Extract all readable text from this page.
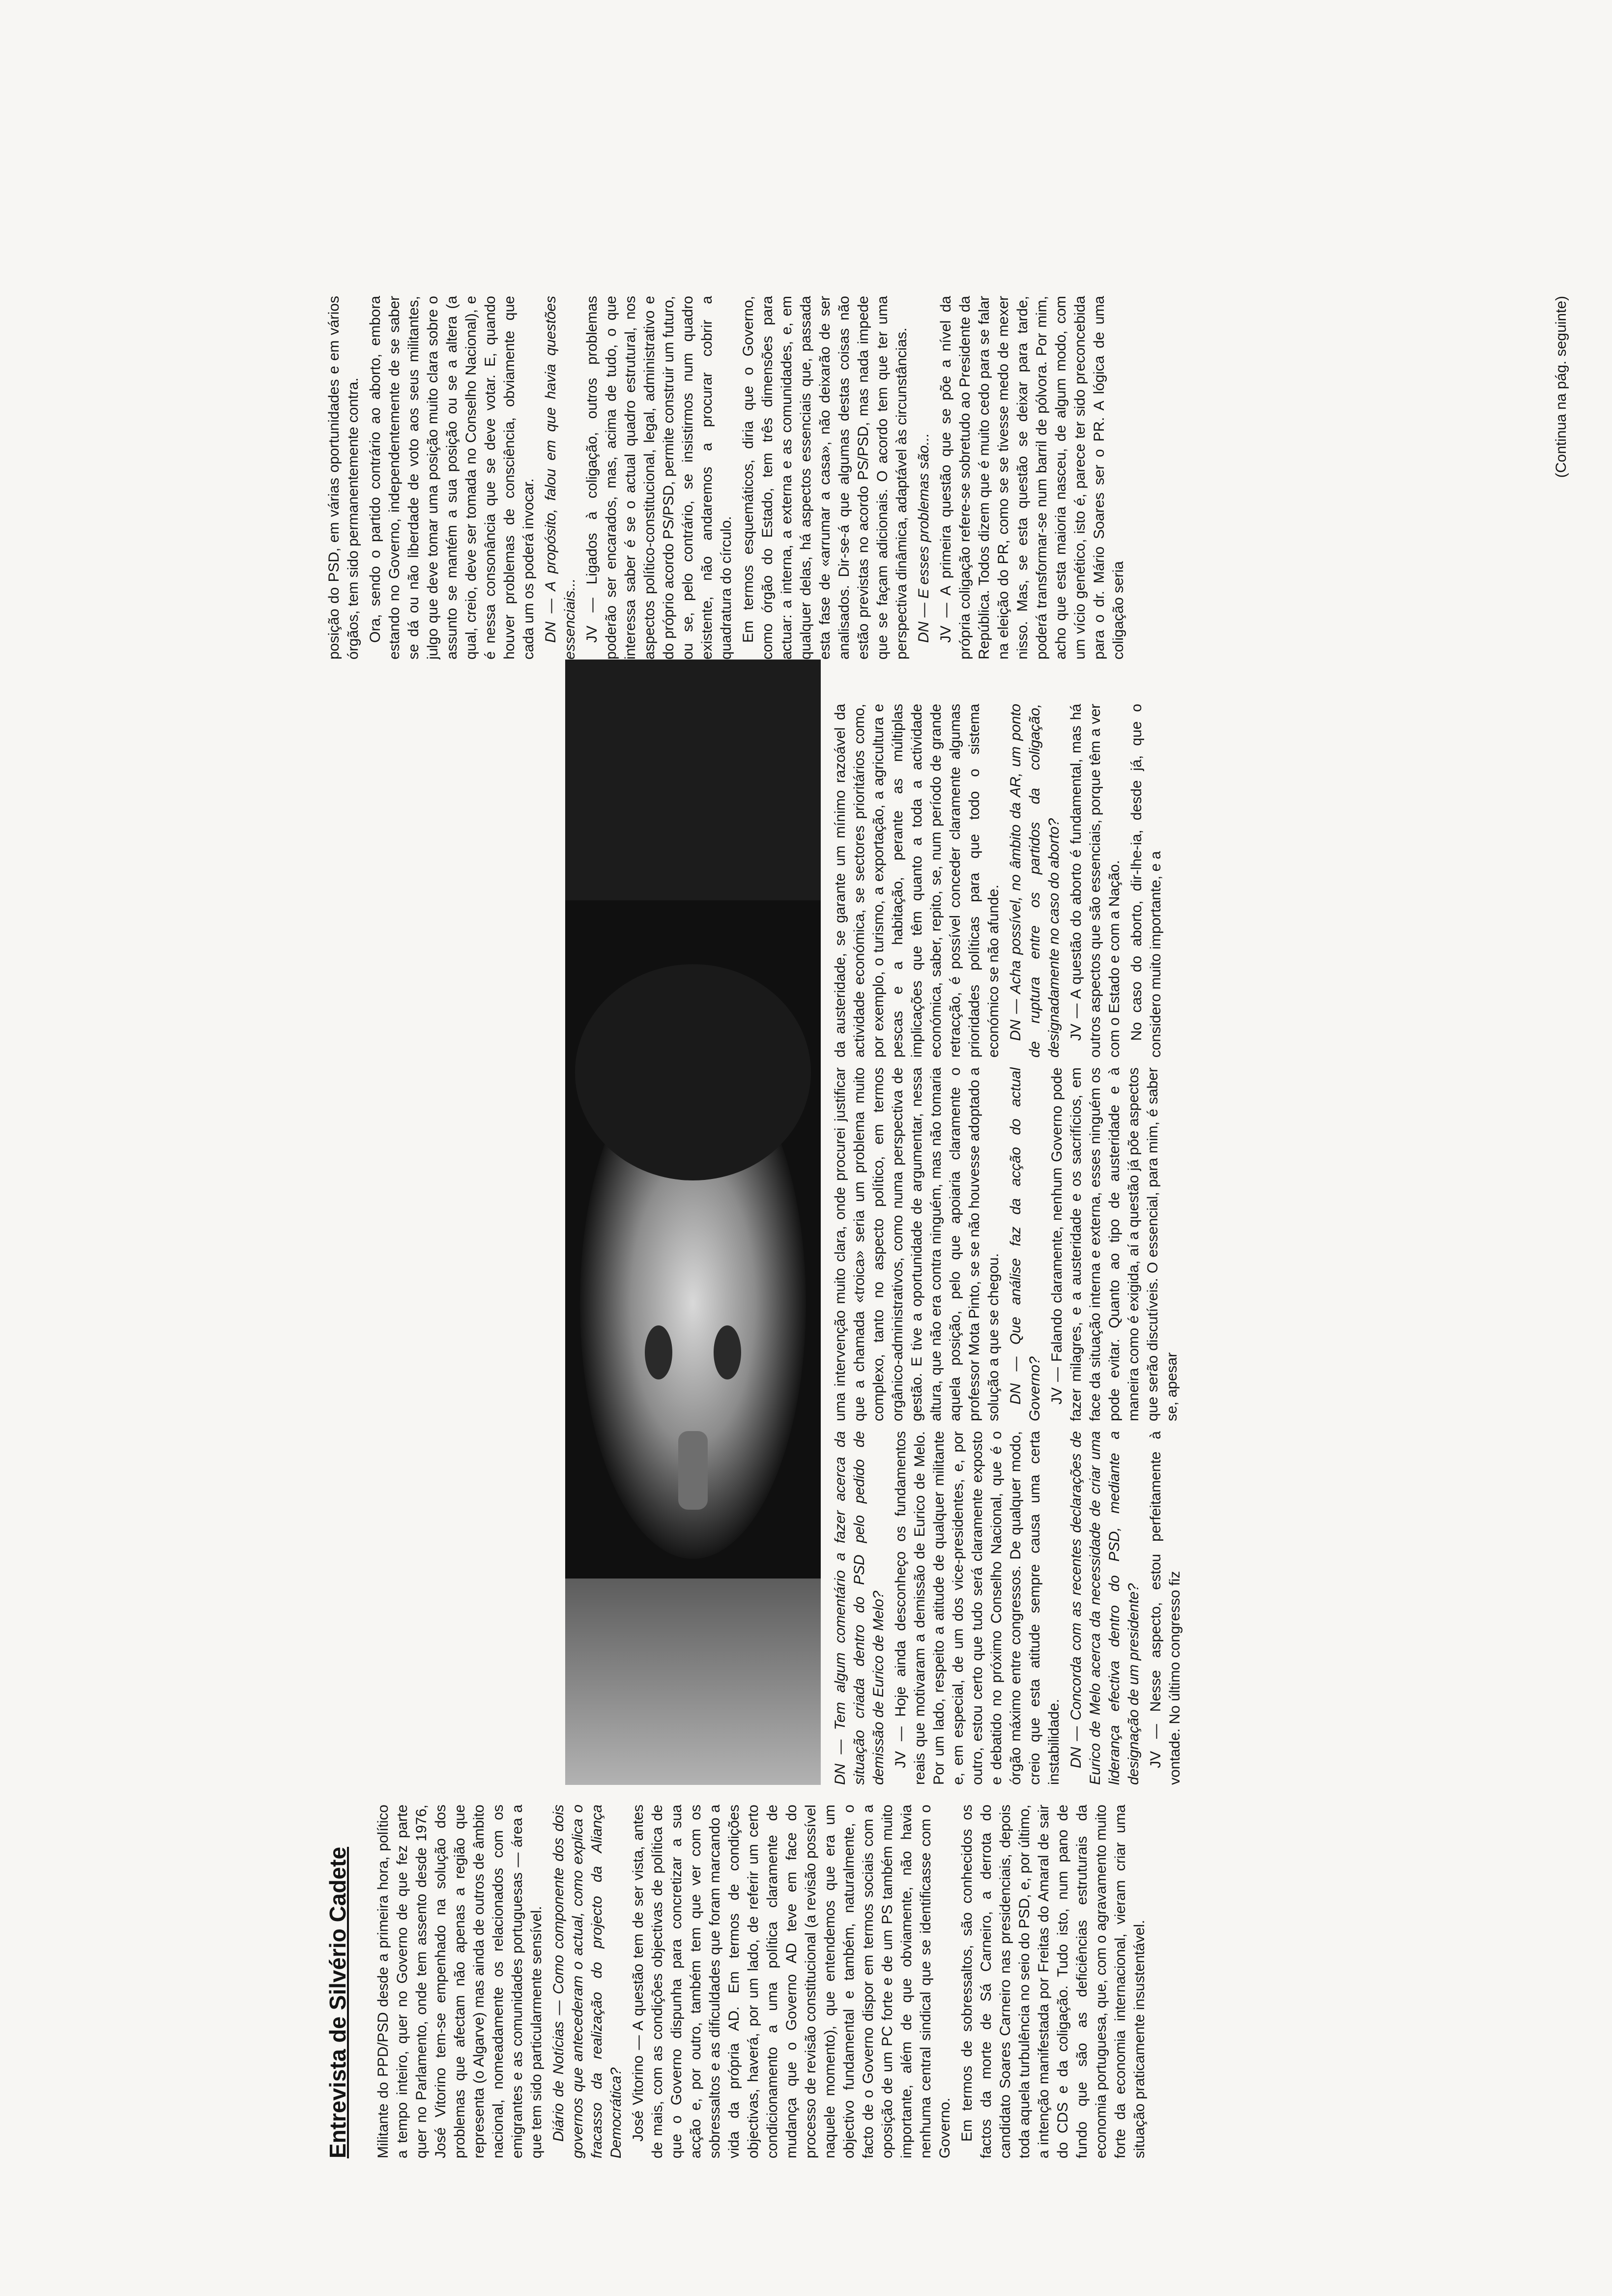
Entrevista de Silvério Cadete Militante do PPD/PSD desde a primeira hora, político a tempo inteiro, quer no Governo de que fez parte quer no Parlamento, onde tem assento desde 1976, José Vitorino tem-se empenhado na solução dos problemas que afectam não apenas a região que representa (o Algarve) mas ainda de outros de âmbito nacional, nomeadamente os relacionados com os emigrantes e as comunidades portuguesas — área a que tem sido particularmente sensível. Diário de Notícias — Como componente dos dois governos que antecederam o actual, como explica o fracasso da realização do projecto da Aliança Democrática? José Vitorino — A questão tem de ser vista, antes de mais, com as condições objectivas de política de que o Governo dispunha para concretizar a sua acção e, por outro, também tem que ver com os sobressaltos e as dificuldades que foram marcando a vida da própria AD. Em termos de condições objectivas, haverá, por um lado, de referir um certo condicionamento a uma política claramente de mudança que o Governo AD teve em face do processo de revisão constitucional (a revisão possível naquele momento), que entendemos que era um objectivo fundamental e também, naturalmente, o facto de o Governo dispor em termos sociais com a oposição de um PC forte e de um PS também muito importante, além de que obviamente, não havia nenhuma central sindical que se identificasse com o Governo. Em termos de sobressaltos, são conhecidos os factos da morte de Sá Carneiro, a derrota do candidato Soares Carneiro nas presidenciais, depois toda aquela turbulência no seio do PSD, e, por último, a intenção manifestada por Freitas do Amaral de sair do CDS e da coligação. Tudo isto, num pano de fundo que são as deficiências estruturais da economia portuguesa, que, com o agravamento muito forte da economia internacional, vieram criar uma situação praticamente insustentável.

DN — Tem algum comentário a fazer acerca da situação criada dentro do PSD pelo pedido de demissão de Eurico de Melo? JV — Hoje ainda desconheço os fundamentos reais que motivaram a demissão de Eurico de Melo. Por um lado, respeito a atitude de qualquer militante e, em especial, de um dos vice-presidentes, e, por outro, estou certo que tudo será claramente exposto e debatido no próximo Conselho Nacional, que é o órgão máximo entre congressos. De qualquer modo, creio que esta atitude sempre causa uma certa instabilidade. DN — Concorda com as recentes declarações de Eurico de Melo acerca da necessidade de criar uma liderança efectiva dentro do PSD, mediante a designação de um presidente? JV — Nesse aspecto, estou perfeitamente à vontade. No último congresso fiz

uma intervenção muito clara, onde procurei justificar que a chamada «troica» seria um problema muito complexo, tanto no aspecto político, em termos orgânico-administrativos, como numa perspectiva de gestão. E tive a oportunidade de argumentar, nessa altura, que não era contra ninguém, mas não tomaria aquela posição, pelo que apoiaria claramente o professor Mota Pinto, se se não houvesse adoptado a solução a que se chegou. DN — Que análise faz da acção do actual Governo? JV — Falando claramente, nenhum Governo pode fazer milagres, e a austeridade e os sacrifícios, em face da situação interna e externa, esses ninguém os pode evitar. Quanto ao tipo de austeridade e à maneira como é exigida, aí a questão já põe aspectos que serão discutíveis. O essencial, para mim, é saber se, apesar

da austeridade, se garante um mínimo razoável da actividade económica, se sectores prioritários como, por exemplo, o turismo, a exportação, a agricultura e pescas e a habitação, perante as múltiplas implicações que têm quanto a toda a actividade económica, saber, repito, se, num período de grande retracção, é possível conceder claramente algumas prioridades políticas para que todo o sistema económico se não afunde. DN — Acha possível, no âmbito da AR, um ponto de ruptura entre os partidos da coligação, designadamente no caso do aborto? JV — A questão do aborto é fundamental, mas há outros aspectos que são essenciais, porque têm a ver com o Estado e com a Nação. No caso do aborto, dir-lhe-ia, desde já, que o considero muito importante, e a

posição do PSD, em várias oportunidades e em vários órgãos, tem sido permanentemente contra. Ora, sendo o partido contrário ao aborto, embora estando no Governo, independentemente de se saber se dá ou não liberdade de voto aos seus militantes, julgo que deve tomar uma posição muito clara sobre o assunto se mantém a sua posição ou se a altera (a qual, creio, deve ser tomada no Conselho Nacional), e é nessa consonância que se deve votar. E, quando houver problemas de consciência, obviamente que cada um os poderá invocar. DN — A propósito, falou em que havia questões essenciais... JV — Ligados à coligação, outros problemas poderão ser encarados, mas, acima de tudo, o que interessa saber é se o actual quadro estrutural, nos aspectos político-constitucional, legal, administrativo e do próprio acordo PS/PSD, permite construir um futuro, ou se, pelo contrário, se insistirmos num quadro existente, não andaremos a procurar cobrir a quadratura do círculo. Em termos esquemáticos, diria que o Governo, como órgão do Estado, tem três dimensões para actuar: a interna, a externa e as comunidades, e, em qualquer delas, há aspectos essenciais que, passada esta fase de «arrumar a casa», não deixarão de ser analisados. Dir-se-á que algumas destas coisas não estão previstas no acordo PS/PSD, mas nada impede que se façam adicionais. O acordo tem que ter uma perspectiva dinâmica, adaptável às circunstâncias. DN — E esses problemas são... JV — A primeira questão que se põe a nível da própria coligação refere-se sobretudo ao Presidente da República. Todos dizem que é muito cedo para se falar na eleição do PR, como se se tivesse medo de mexer nisso. Mas, se esta questão se deixar para tarde, poderá transformar-se num barril de pólvora. Por mim, acho que esta maioria nasceu, de algum modo, com um vício genético, isto é, parece ter sido preconcebida para o dr. Mário Soares ser o PR. A lógica de uma coligação seria

(Continua na pág. seguinte)
